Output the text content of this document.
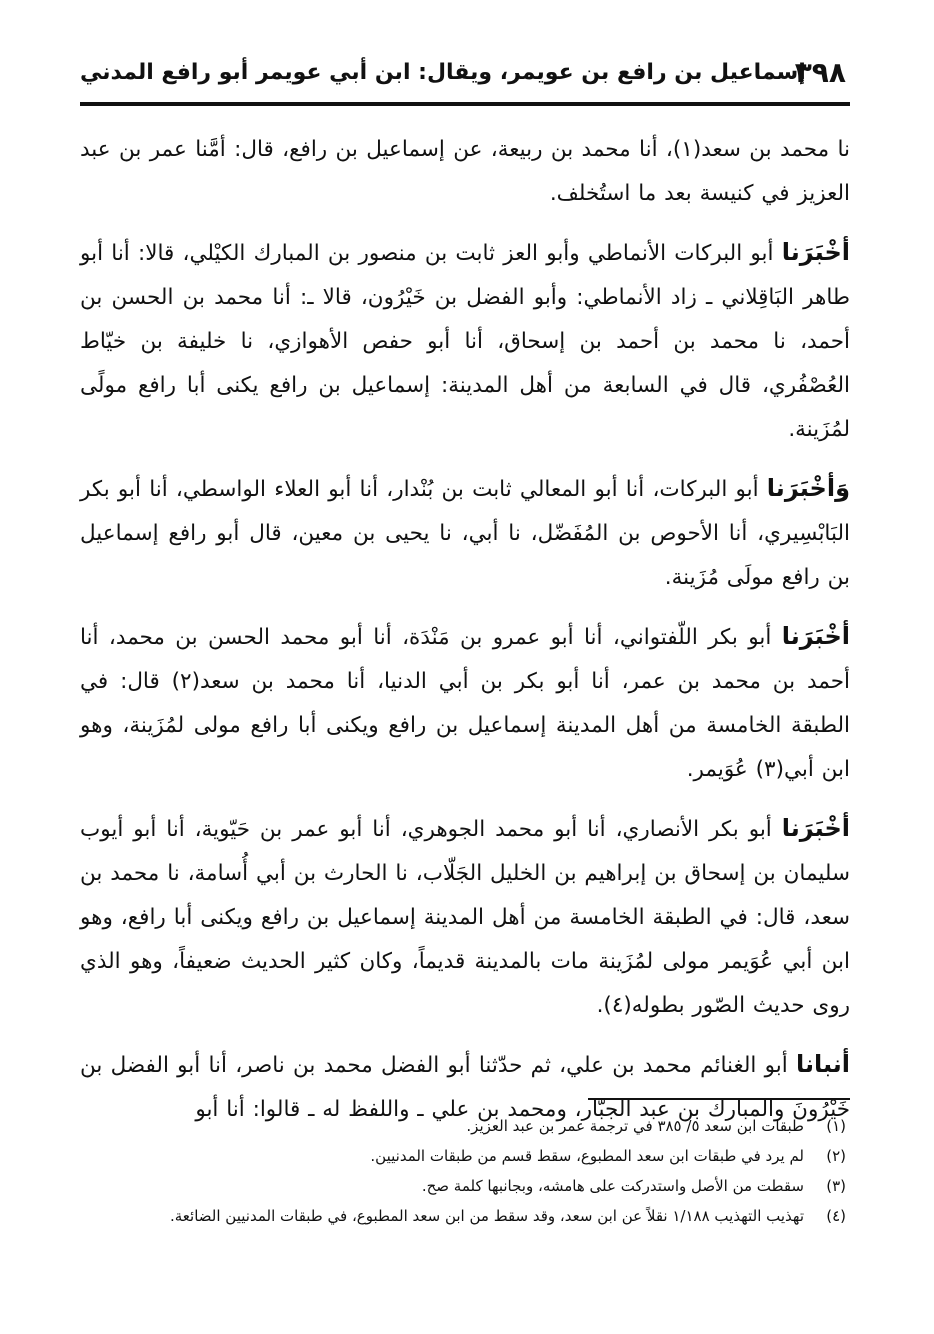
٣٩٨
إسماعيل بن رافع بن عويمر، ويقال: ابن أبي عويمر أبو رافع المدني

نا محمد بن سعد(١)، أنا محمد بن ربيعة، عن إسماعيل بن رافع، قال: أمَّنا عمر بن عبد العزيز في كنيسة بعد ما استُخلف.

أخْبَرَنا أبو البركات الأنماطي وأبو العز ثابت بن منصور بن المبارك الكيْلي، قالا: أنا أبو طاهر البَاقِلاني ـ زاد الأنماطي: وأبو الفضل بن خَيْرُون، قالا ـ: أنا محمد بن الحسن بن أحمد، نا محمد بن أحمد بن إسحاق، أنا أبو حفص الأهوازي، نا خليفة بن خيّاط العُصْفُري، قال في السابعة من أهل المدينة: إسماعيل بن رافع يكنى أبا رافع مولًى لمُزَينة.

وَأخْبَرَنا أبو البركات، أنا أبو المعالي ثابت بن بُنْدار، أنا أبو العلاء الواسطي، أنا أبو بكر البَابْسِيري، أنا الأحوص بن المُفَضّل، نا أبي، نا يحيى بن معين، قال أبو رافع إسماعيل بن رافع مولَى مُزَينة.

أخْبَرَنا أبو بكر اللّفتواني، أنا أبو عمرو بن مَنْدَة، أنا أبو محمد الحسن بن محمد، أنا أحمد بن محمد بن عمر، أنا أبو بكر بن أبي الدنيا، أنا محمد بن سعد(٢) قال: في الطبقة الخامسة من أهل المدينة إسماعيل بن رافع ويكنى أبا رافع مولى لمُزَينة، وهو ابن أبي(٣) عُوَيمر.

أخْبَرَنا أبو بكر الأنصاري، أنا أبو محمد الجوهري، أنا أبو عمر بن حَيّوية، أنا أبو أيوب سليمان بن إسحاق بن إبراهيم بن الخليل الجَلّاب، نا الحارث بن أبي أُسامة، نا محمد بن سعد، قال: في الطبقة الخامسة من أهل المدينة إسماعيل بن رافع ويكنى أبا رافع، وهو ابن أبي عُوَيمر مولى لمُزَينة مات بالمدينة قديماً، وكان كثير الحديث ضعيفاً، وهو الذي روى حديث الصّور بطوله(٤).

أنبانا أبو الغنائم محمد بن علي، ثم حدّثنا أبو الفضل محمد بن ناصر، أنا أبو الفضل بن خَيْرُونَ والمبارك بن عبد الجبّار، ومحمد بن علي ـ واللفظ له ـ قالوا: أنا أبو

(١)
طبقات ابن سعد ٥/ ٣٨٥ في ترجمة عمر بن عبد العزيز.
(٢)
لم يرد في طبقات ابن سعد المطبوع، سقط قسم من طبقات المدنيين.
(٣)
سقطت من الأصل واستدركت على هامشه، وبجانبها كلمة صح.
(٤)
تهذيب التهذيب ١/١٨٨ نقلاً عن ابن سعد، وقد سقط من ابن سعد المطبوع، في طبقات المدنيين الضائعة.
